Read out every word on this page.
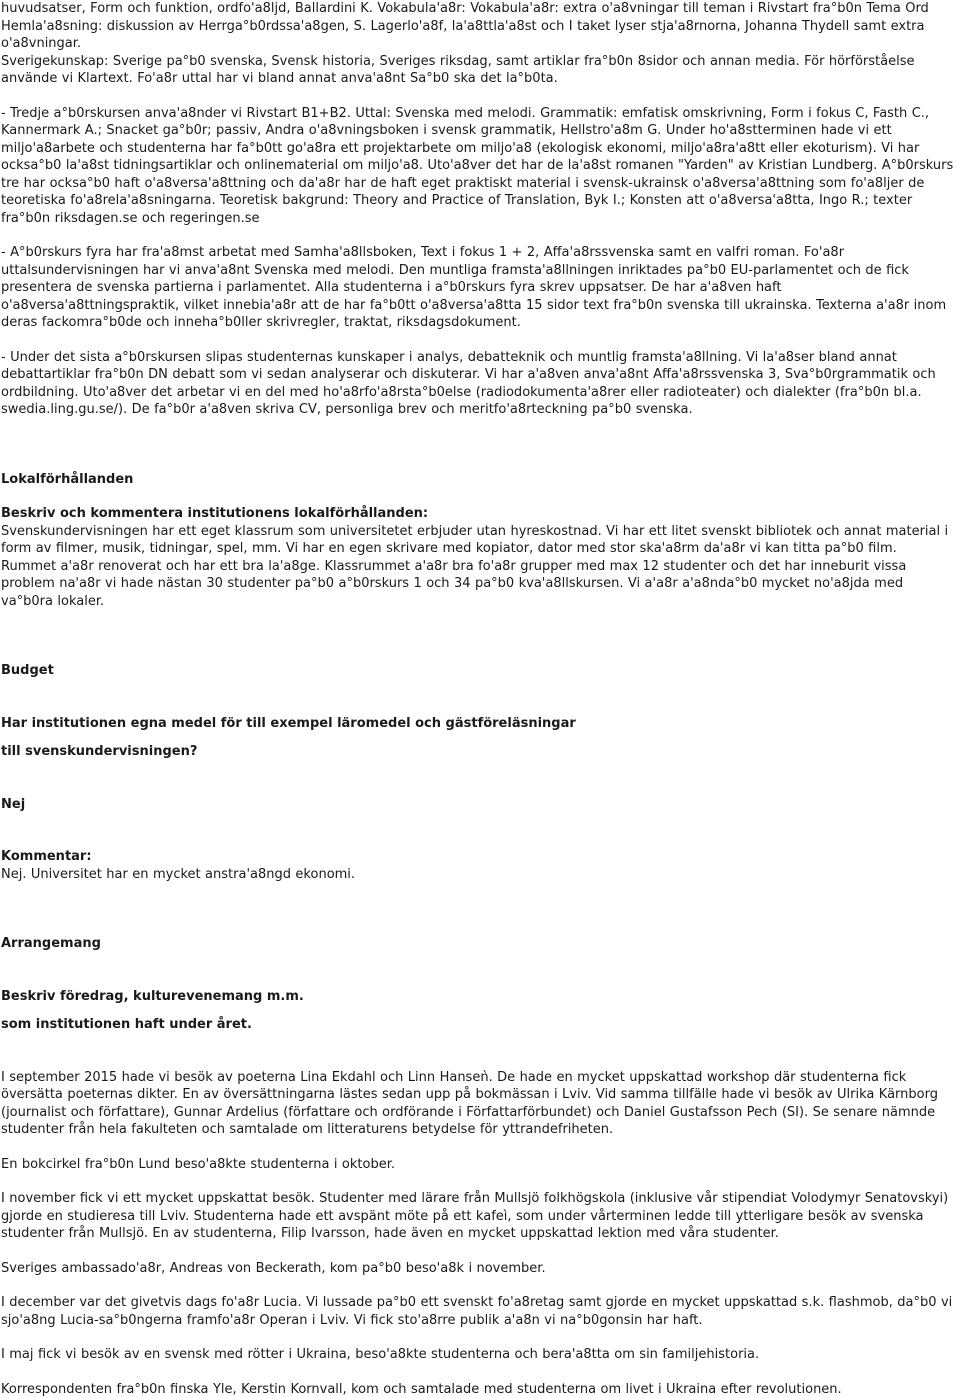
huvudsatser, Form och funktion, ordfo'a8ljd, Ballardini K. Vokabula'a8r: Vokabula'a8r: extra o'a8vningar till teman i Rivstart fra°b0n Tema Ord Hemla'a8sning: diskussion av Herrga°b0rdssa'a8gen, S. Lagerlo'a8f, la'a8ttla'a8st och I taket lyser stja'a8rnorna, Johanna Thydell samt extra o'a8vningar.

Sverigekunskap: Sverige pa°b0 svenska, Svensk historia, Sveriges riksdag, samt artiklar fra°b0n 8sidor och annan media. För hörförståelse använde vi Klartext. Fo'a8r uttal har vi bland annat anva'a8nt Sa°b0 ska det la°b0ta.

- Tredje a°b0rskursen anva'a8nder vi Rivstart B1+B2. Uttal: Svenska med melodi. Grammatik: emfatisk omskrivning, Form i fokus C, Fasth C., Kannermark A.; Snacket ga°b0r; passiv, Andra o'a8vningsboken i svensk grammatik, Hellstro'a8m G. Under ho'a8stterminen hade vi ett miljo'a8arbete och studenterna har fa°b0tt go'a8ra ett projektarbete om miljo'a8 (ekologisk ekonomi, miljo'a8ra'a8tt eller ekoturism). Vi har ocksa°b0 la'a8st tidningsartiklar och onlinematerial om miljo'a8. Uto'a8ver det har de la'a8st romanen "Yarden" av Kristian Lundberg. A°b0rskurs tre har ocksa°b0 haft o'a8versa'a8ttning och da'a8r har de haft eget praktiskt material i svensk-ukrainsk o'a8versa'a8ttning som fo'a8ljer de teoretiska fo'a8rela'a8sningarna. Teoretisk bakgrund: Theory and Practice of Translation, Byk I.; Konsten att o'a8versa'a8tta, Ingo R.; texter fra°b0n riksdagen.se och regeringen.se

- A°b0rskurs fyra har fra'a8mst arbetat med Samha'a8llsboken, Text i fokus 1 + 2, Affa'a8rssvenska samt en valfri roman. Fo'a8r uttalsundervisningen har vi anva'a8nt Svenska med melodi. Den muntliga framsta'a8llningen inriktades pa°b0 EU-parlamentet och de fick presentera de svenska partierna i parlamentet. Alla studenterna i a°b0rskurs fyra skrev uppsatser. De har a'a8ven haft o'a8versa'a8ttningspraktik, vilket innebia'a8r att de har fa°b0tt o'a8versa'a8tta 15 sidor text fra°b0n svenska till ukrainska. Texterna a'a8r inom deras fackomra°b0de och inneha°b0ller skrivregler, traktat, riksdagsdokument.

- Under det sista a°b0rskursen slipas studenternas kunskaper i analys, debatteknik och muntlig framsta'a8llning. Vi la'a8ser bland annat debattartiklar fra°b0n DN debatt som vi sedan analyserar och diskuterar. Vi har a'a8ven anva'a8nt Affa'a8rssvenska 3, Sva°b0rgrammatik och ordbildning. Uto'a8ver det arbetar vi en del med ho'a8rfo'a8rsta°b0else (radiodokumenta'a8rer eller radioteater) och dialekter (fra°b0n bl.a. swedia.ling.gu.se/). De fa°b0r a'a8ven skriva CV, personliga brev och meritfo'a8rteckning pa°b0 svenska.

Lokalförhållanden

Beskriv och kommentera institutionens lokalförhållanden:

Svenskundervisningen har ett eget klassrum som universitetet erbjuder utan hyreskostnad. Vi har ett litet svenskt bibliotek och annat material i form av filmer, musik, tidningar, spel, mm. Vi har en egen skrivare med kopiator, dator med stor ska'a8rm da'a8r vi kan titta pa°b0 film. Rummet a'a8r renoverat och har ett bra la'a8ge. Klassrummet a'a8r bra fo'a8r grupper med max 12 studenter och det har inneburit vissa problem na'a8r vi hade nästan 30 studenter pa°b0 a°b0rskurs 1 och 34 pa°b0 kva'a8llskursen. Vi a'a8r a'a8nda°b0 mycket no'a8jda med va°b0ra lokaler.

Budget

Har institutionen egna medel för till exempel läromedel och gästföreläsningar

till svenskundervisningen?

Nej

Kommentar:

Nej. Universitet har en mycket anstra'a8ngd ekonomi.

Arrangemang

Beskriv föredrag, kulturevenemang m.m.

som institutionen haft under året.

I september 2015 hade vi besök av poeterna Lina Ekdahl och Linn Hanseǹ. De hade en mycket uppskattad workshop där studenterna fick översätta poeternas dikter. En av översättningarna lästes sedan upp på bokmässan i Lviv. Vid samma tillfälle hade vi besök av Ulrika Kärnborg (journalist och författare), Gunnar Ardelius (författare och ordförande i Författarförbundet) och Daniel Gustafsson Pech (SI). Se senare nämnde studenter från hela fakulteten och samtalade om litteraturens betydelse för yttrandefriheten.

En bokcirkel fra°b0n Lund beso'a8kte studenterna i oktober.

I november fick vi ett mycket uppskattat besök. Studenter med lärare från Mullsjö folkhögskola (inklusive vår stipendiat Volodymyr Senatovskyi) gjorde en studieresa till Lviv. Studenterna hade ett avspänt möte på ett kafeì, som under vårterminen ledde till ytterligare besök av svenska studenter från Mullsjö. En av studenterna, Filip Ivarsson, hade även en mycket uppskattad lektion med våra studenter.

Sveriges ambassado'a8r, Andreas von Beckerath, kom pa°b0 beso'a8k i november.

I december var det givetvis dags fo'a8r Lucia. Vi lussade pa°b0 ett svenskt fo'a8retag samt gjorde en mycket uppskattad s.k. flashmob, da°b0 vi sjo'a8ng Lucia-sa°b0ngerna framfo'a8r Operan i Lviv. Vi fick sto'a8rre publik a'a8n vi na°b0gonsin har haft.

I maj fick vi besök av en svensk med rötter i Ukraina, beso'a8kte studenterna och bera'a8tta om sin familjehistoria.

Korrespondenten fra°b0n finska Yle, Kerstin Kornvall, kom och samtalade med studenterna om livet i Ukraina efter revolutionen.
